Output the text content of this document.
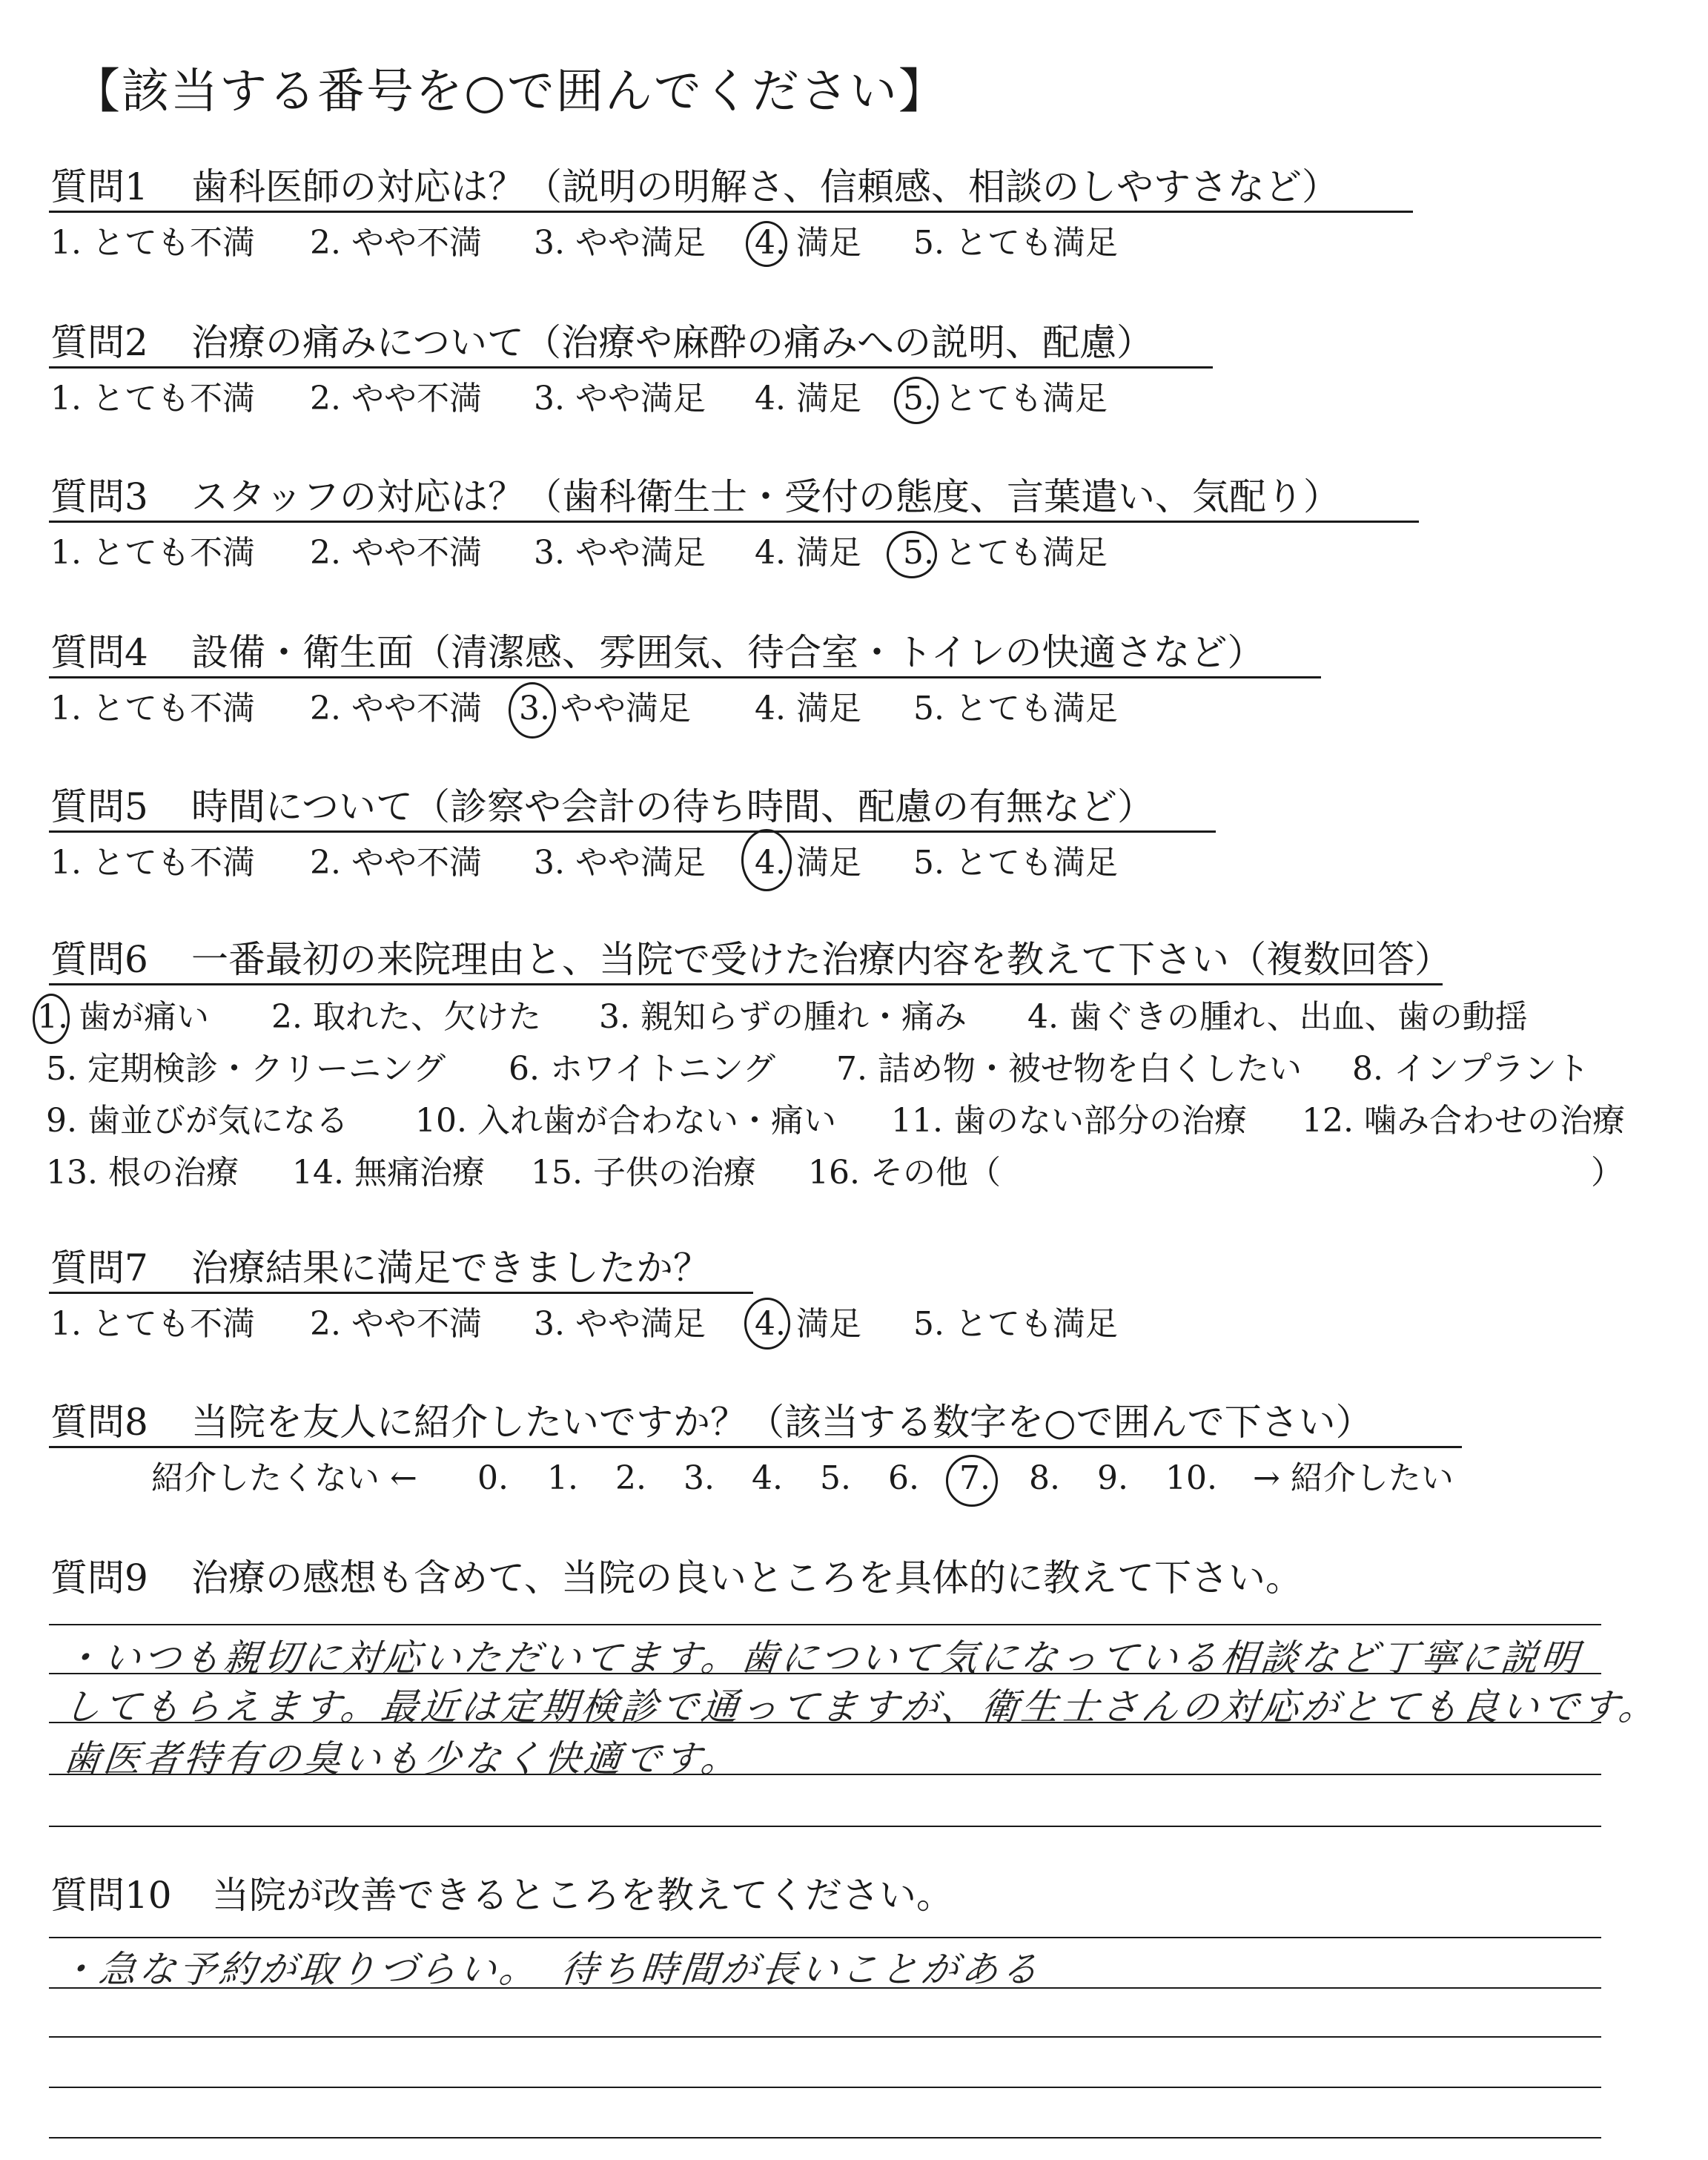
【該当する番号を○で囲んでください】
質問1 歯科医師の対応は？（説明の明解さ、信頼感、相談のしやすさなど）
1. とても不満 2. やや不満 3. やや満足 4. 満足 5. とても満足
質問2 治療の痛みについて（治療や麻酔の痛みへの説明、配慮）
1. とても不満 2. やや不満 3. やや満足 4. 満足 5. とても満足
質問3 スタッフの対応は？（歯科衛生士・受付の態度、言葉遣い、気配り）
1. とても不満 2. やや不満 3. やや満足 4. 満足 5. とても満足
質問4 設備・衛生面（清潔感、雰囲気、待合室・トイレの快適さなど）
1. とても不満 2. やや不満 3. やや満足 4. 満足 5. とても満足
質問5 時間について（診察や会計の待ち時間、配慮の有無など）
1. とても不満 2. やや不満 3. やや満足 4. 満足 5. とても満足
質問6 一番最初の来院理由と、当院で受けた治療内容を教えて下さい（複数回答）
1. 歯が痛い 2. 取れた、欠けた 3. 親知らずの腫れ・痛み 4. 歯ぐきの腫れ、出血、歯の動揺
5. 定期検診・クリーニング 6. ホワイトニング 7. 詰め物・被せ物を白くしたい 8. インプラント
9. 歯並びが気になる 10. 入れ歯が合わない・痛い 11. 歯のない部分の治療 12. 噛み合わせの治療
13. 根の治療 14. 無痛治療 15. 子供の治療 16. その他（	）
質問7 治療結果に満足できましたか？
1. とても不満 2. やや不満 3. やや満足 4. 満足 5. とても満足
質問8 当院を友人に紹介したいですか？（該当する数字を○で囲んで下さい）
紹介したくない ← 0. 1. 2. 3. 4. 5. 6. 7. 8. 9. 10. → 紹介したい
質問9 治療の感想も含めて、当院の良いところを具体的に教えて下さい。
・いつも親切に対応いただいてます。歯について気になっている相談など丁寧に説明
してもらえます。最近は定期検診で通ってますが、衛生士さんの対応がとても良いです。
歯医者特有の臭いも少なく快適です。
質問10 当院が改善できるところを教えてください。
・急な予約が取りづらい。　待ち時間が長いことがある
